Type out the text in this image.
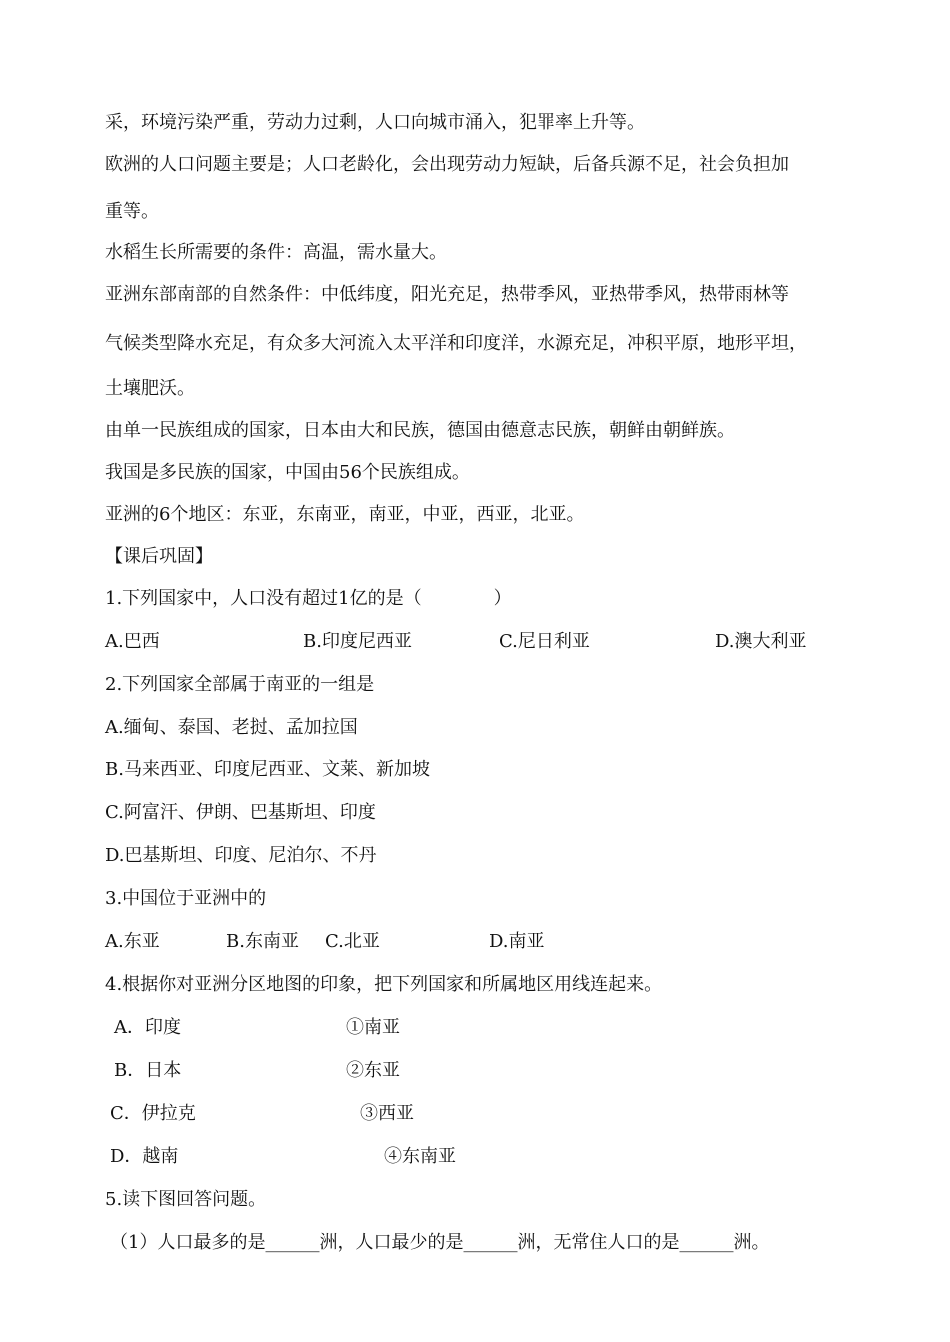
采，环境污染严重，劳动力过剩，人口向城市涌入，犯罪率上升等。
欧洲的人口问题主要是；人口老龄化，会出现劳动力短缺，后备兵源不足，社会负担加
重等。
水稻生长所需要的条件：高温，需水量大。
亚洲东部南部的自然条件：中低纬度，阳光充足，热带季风，亚热带季风，热带雨林等
气候类型降水充足，有众多大河流入太平洋和印度洋，水源充足，冲积平原，地形平坦，
土壤肥沃。
由单一民族组成的国家，日本由大和民族，德国由德意志民族，朝鲜由朝鲜族。
我国是多民族的国家，中国由56个民族组成。
亚洲的6个地区：东亚，东南亚，南亚，中亚，西亚，北亚。
【课后巩固】
1.下列国家中，人口没有超过1亿的是（　　　　）
A.巴西	B.印度尼西亚	C.尼日利亚	D.澳大利亚
2.下列国家全部属于南亚的一组是
A.缅甸、泰国、老挝、孟加拉国
B.马来西亚、印度尼西亚、文莱、新加坡
C.阿富汗、伊朗、巴基斯坦、印度
D.巴基斯坦、印度、尼泊尔、不丹
3.中国位于亚洲中的
A.东亚	B.东南亚 C.北亚	D.南亚
4.根据你对亚洲分区地图的印象，把下列国家和所属地区用线连起来。
A．印度	①南亚
B．日本	②东亚
C．伊拉克	③西亚
D．越南	④东南亚
5.读下图回答问题。
（1）人口最多的是______洲，人口最少的是______洲，无常住人口的是______洲。
